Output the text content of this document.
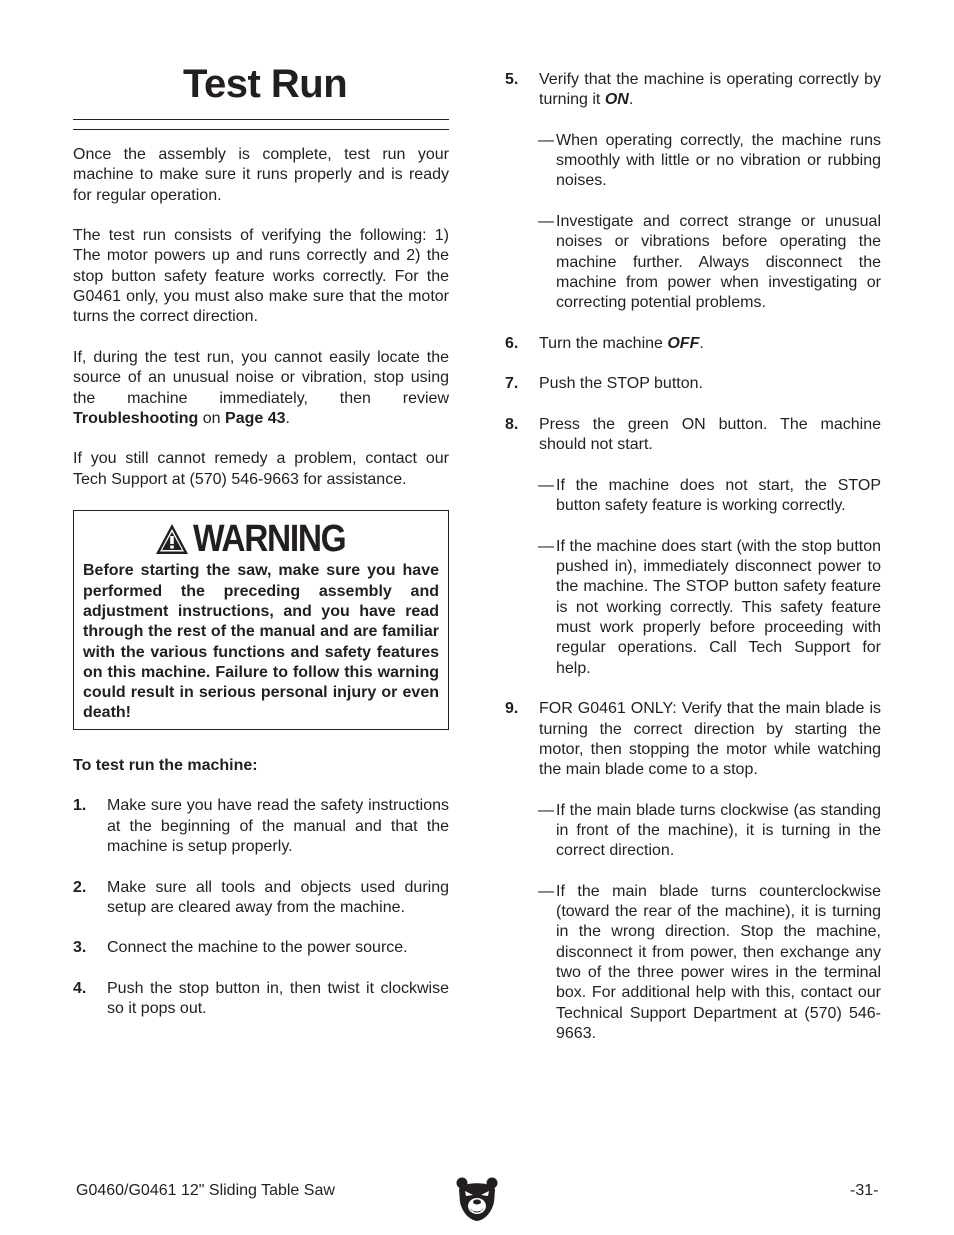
Test Run

Once the assembly is complete, test run your machine to make sure it runs properly and is ready for regular operation.

The test run consists of verifying the following: 1) The motor powers up and runs correctly and 2) the stop button safety feature works correctly. For the G0461 only, you must also make sure that the motor turns the correct direction.

If, during the test run, you cannot easily locate the source of an unusual noise or vibration, stop using the machine immediately, then review Troubleshooting on Page 43.

If you still cannot remedy a problem, contact our Tech Support at (570) 546-9663 for assistance.

WARNING
Before starting the saw, make sure you have performed the preceding assembly and adjustment instructions, and you have read through the rest of the manual and are familiar with the various functions and safety features on this machine. Failure to follow this warning could result in serious personal injury or even death!
To test run the machine:
1.	Make sure you have read the safety instructions at the beginning of the manual and that the machine is setup properly.
2.	Make sure all tools and objects used during setup are cleared away from the machine.
3.	Connect the machine to the power source.
4.	Push the stop button in, then twist it clockwise so it pops out.
5.	Verify that the machine is operating correctly by turning it ON.
— When operating correctly, the machine runs smoothly with little or no vibration or rubbing noises.
— Investigate and correct strange or unusual noises or vibrations before operating the machine further. Always disconnect the machine from power when investigating or correcting potential problems.
6.	Turn the machine OFF.
7.	Push the STOP button.
8.	Press the green ON button. The machine should not start.
— If the machine does not start, the STOP button safety feature is working correctly.
— If the machine does start (with the stop button pushed in), immediately disconnect power to the machine. The STOP button safety feature is not working correctly. This safety feature must work properly before proceeding with regular operations. Call Tech Support for help.
9.	FOR G0461 ONLY: Verify that the main blade is turning the correct direction by starting the motor, then stopping the motor while watching the main blade come to a stop.
— If the main blade turns clockwise (as standing in front of the machine), it is turning in the correct direction.
— If the main blade turns counterclockwise (toward the rear of the machine), it is turning in the wrong direction. Stop the machine, disconnect it from power, then exchange any two of the three power wires in the terminal box. For additional help with this, contact our Technical Support Department at (570) 546-9663.
G0460/G0461 12" Sliding Table Saw	-31-
